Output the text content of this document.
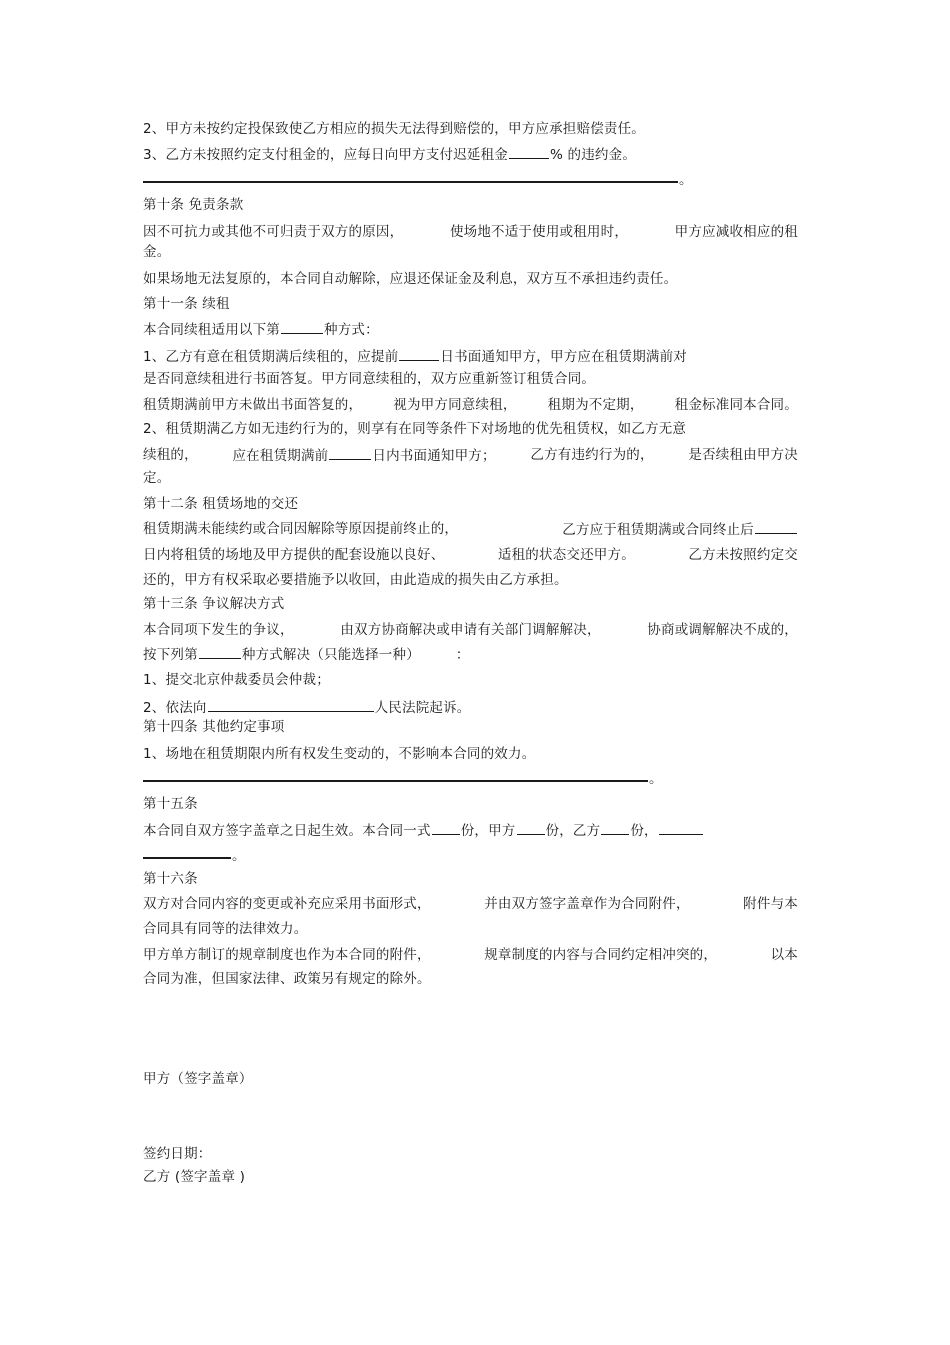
2、甲方未按约定投保致使乙方相应的损失无法得到赔偿的，甲方应承担赔偿责任。
3、乙方未按照约定支付租金的，应每日向甲方支付迟延租金	% 的违约金。
。
第十条 免责条款
因不可抗力或其他不可归责于双方的原因，	使场地不适于使用或租用时，	甲方应减收相应的租
金。
如果场地无法复原的，本合同自动解除，应退还保证金及利息，双方互不承担违约责任。
第十一条 续租
本合同续租适用以下第	种方式：
1、乙方有意在租赁期满后续租的，应提前	日书面通知甲方，甲方应在租赁期满前对
是否同意续租进行书面答复。甲方同意续租的，双方应重新签订租赁合同。
租赁期满前甲方未做出书面答复的， 视为甲方同意续租， 租期为不定期， 租金标准同本合同。
2、租赁期满乙方如无违约行为的，则享有在同等条件下对场地的优先租赁权，如乙方无意
续租的，	应在租赁期满前	日内书面通知甲方；	乙方有违约行为的，	是否续租由甲方决
定。
第十二条 租赁场地的交还
租赁期满未能续约或合同因解除等原因提前终止的，	乙方应于租赁期满或合同终止后
日内将租赁的场地及甲方提供的配套设施以良好、	适租的状态交还甲方。	乙方未按照约定交
还的，甲方有权采取必要措施予以收回，由此造成的损失由乙方承担。
第十三条 争议解决方式
本合同项下发生的争议，	由双方协商解决或申请有关部门调解解决，	协商或调解解决不成的，
按下列第	种方式解决（只能选择一种）	：
1、提交北京仲裁委员会仲裁；
2、依法向	人民法院起诉。
第十四条 其他约定事项
1、场地在租赁期限内所有权发生变动的，不影响本合同的效力。
。
第十五条
本合同自双方签字盖章之日起生效。本合同一式 份，甲方 份，乙方 份，
。
第十六条
双方对合同内容的变更或补充应采用书面形式，	并由双方签字盖章作为合同附件，	附件与本
合同具有同等的法律效力。
甲方单方制订的规章制度也作为本合同的附件，	规章制度的内容与合同约定相冲突的，	以本
合同为准，但国家法律、政策另有规定的除外。
甲方（签字盖章）
签约日期：
乙方 (签字盖章 )
